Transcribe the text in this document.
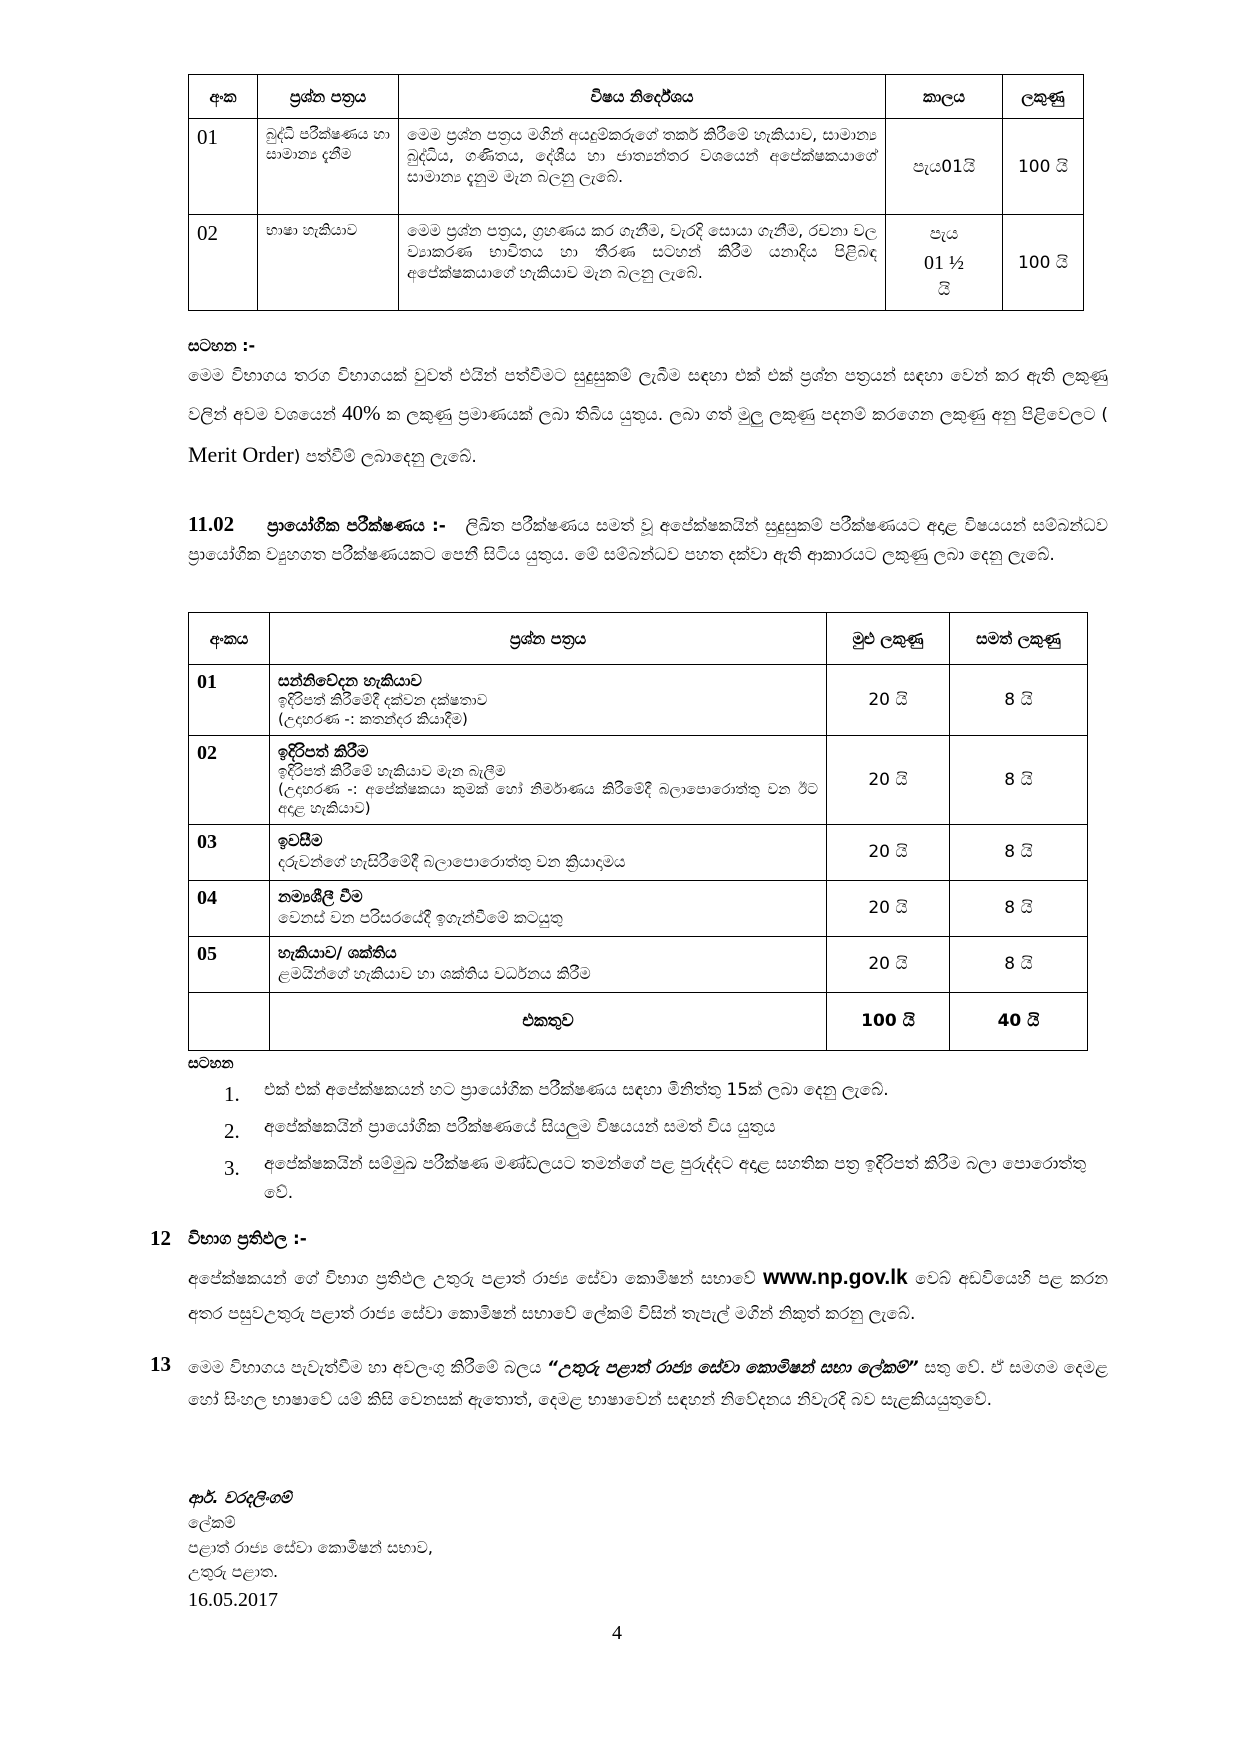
අංක	ප්‍රශ්න පත්‍රය	විෂය නිර්දේශය	කාලය	ලකුණු
01	බුද්ධි පරීක්ෂණය හා සාමාන්‍ය දැනීම	මෙම ප්‍රශ්න පත්‍රය මගින් අයදුම්කරුගේ තර්ක කිරීමේ හැකියාව, සාමාන්‍ය බුද්ධිය, ගණිතය, දේශීය හා ජාත්‍යන්තර වශයෙන් අපේක්ෂකයාගේ සාමාන්‍ය දැනුම මැන බලනු ලැබේ.	පැය01යි	100 යි
02	භාෂා හැකියාව	මෙම ප්‍රශ්න පත්‍රය, ග්‍රහණය කර ගැනීම, වැරදි සොයා ගැනීම, රචනා වල ව්‍යාකරණ භාවිතය හා තීරණ සටහන් කිරීම යනාදිය පිළිබඳ අපේක්ෂකයාගේ හැකියාව මැන බලනු ලැබේ.	පැය
01 ½
යි	100 යි
සටහන :-
මෙම විභාගය තරග විභාගයක් වුවත් එයින් පත්වීමට සුදුසුකම් ලැබීම සඳහා එක් එක් ප්‍රශ්න පත්‍රයන් සඳහා වෙන් කර ඇති ලකුණු වලින් අවම වශයෙන් 40% ක ලකුණු ප්‍රමාණයක් ලබා තිබිය යුතුය. ලබා ගත් මුලු ලකුණු පදනම් කරගෙන ලකුණු අනු පිළිවෙලට ( Merit Order) පත්වීම් ලබාදෙනු ලැබේ.
11.02 ප්‍රායෝගික පරීක්ෂණය :- ලිඛිත පරීක්ෂණය සමත් වූ අපේක්ෂකයින් සුදුසුකම් පරීක්ෂණයට අදාළ විෂයයන් සම්බන්ධව ප්‍රායෝගික ව්‍යුහගත පරීක්ෂණයකට පෙනී සිටිය යුතුය. මේ සම්බන්ධව පහත දක්වා ඇති ආකාරයට ලකුණු ලබා දෙනු ලැබේ.
අංකය	ප්‍රශ්න පත්‍රය	මුළු ලකුණු	සමත් ලකුණු
01	සන්නිවේදන හැකියාව
ඉදිරිපත් කිරීමේදී දක්වන දක්ෂතාව
(උදාහරණ -: කතන්දර කියාදීම)	20 යි	8 යි
02	ඉදිරිපත් කිරීම
ඉදිරිපත් කිරීමේ හැකියාව මැන බැලීම
(උදාහරණ -: අපේක්ෂකයා කුමක් හෝ නිර්මාණය කිරීමේදී බලාපොරොත්තු වන ඊට අදාළ හැකියාව)	20 යි	8 යි
03	ඉවසීම
දරුවන්ගේ හැසිරීමේදී බලාපොරොත්තු වන ක්‍රියාදාමය	20 යි	8 යි
04	නම්‍යශීලී වීම
වෙනස් වන පරිසරයේදී ඉගැන්වීමේ කටයුතු	20 යි	8 යි
05	හැකියාව/ ශක්තිය
ළමයින්ගේ හැකියාව හා ශක්තිය වර්ධනය කිරීම	20 යි	8 යි
	එකතුව	100 යි	40 යි
සටහන
1.	එක් එක් අපේක්ෂකයන් හට ප්‍රායෝගික පරීක්ෂණය සඳහා මිනිත්තු 15ක් ලබා දෙනු ලැබේ.
2.	අපේක්ෂකයින් ප්‍රායෝගික පරීක්ෂණයේ සියලුම විෂයයන් සමත් විය යුතුය
3.	අපේක්ෂකයින් සම්මුඛ පරීක්ෂණ මණ්ඩලයට තමන්ගේ පළ පුරුද්දට අදාළ සහතික පත්‍ර ඉදිරිපත් කිරීම බලා පොරොත්තු වේ.
12 විභාග ප්‍රතිඵල :-
අපේක්ෂකයන් ගේ විභාග ප්‍රතිඵල උතුරු පළාත් රාජ්‍ය සේවා කොමිෂන් සභාවේ www.np.gov.lk වෙබ් අඩවියෙහි පළ කරන අතර පසුවඋතුරු පළාත් රාජ්‍ය සේවා කොමිෂන් සභාවේ ලේකම් විසින් තැපැල් මගින් නිකුත් කරනු ලැබේ.
13 මෙම විභාගය පැවැත්වීම හා අවලංගු කිරීමේ බලය “උතුරු පළාත් රාජ්‍ය සේවා කොමිෂන් සභා ලේකම්” සතු වේ. ඒ සමගම දෙමළ හෝ සිංහල භාෂාවේ යම් කිසි වෙනසක් ඇතොත්, දෙමළ භාෂාවෙන් සඳහන් නිවේදනය නිවැරදි බව සැළකියයුතුවේ.
ආර්. වරදලිංගම්
ලේකම්
පළාත් රාජ්‍ය සේවා කොමිෂන් සභාව,
උතුරු පළාත.
16.05.2017
4
